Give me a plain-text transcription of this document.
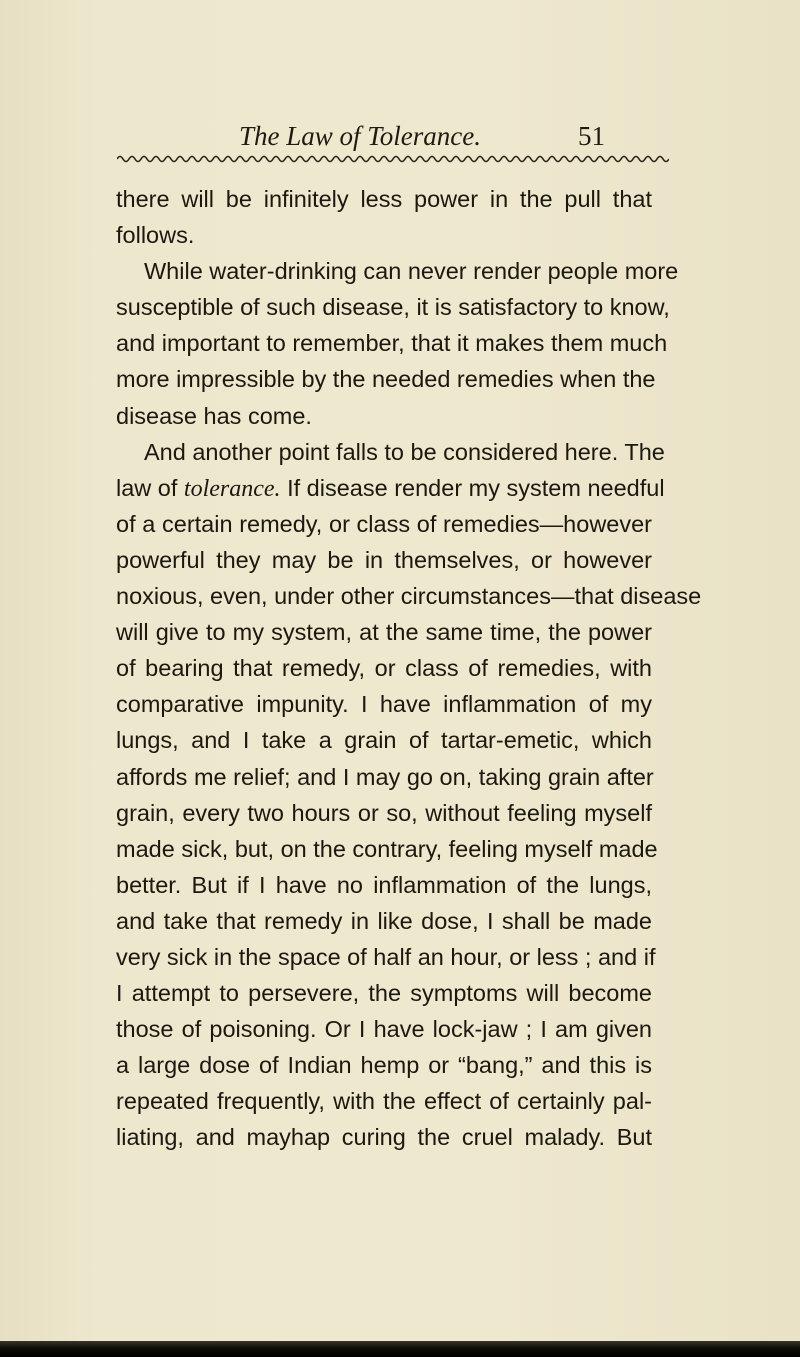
The Law of Tolerance.	51
there will be infinitely less power in the pull that
follows.
While water-drinking can never render people more
susceptible of such disease, it is satisfactory to know,
and important to remember, that it makes them much
more impressible by the needed remedies when the
disease has come.
And another point falls to be considered here. The
law of tolerance. If disease render my system needful
of a certain remedy, or class of remedies—however
powerful they may be in themselves, or however
noxious, even, under other circumstances—that disease
will give to my system, at the same time, the power
of bearing that remedy, or class of remedies, with
comparative impunity. I have inflammation of my
lungs, and I take a grain of tartar-emetic, which
affords me relief; and I may go on, taking grain after
grain, every two hours or so, without feeling myself
made sick, but, on the contrary, feeling myself made
better. But if I have no inflammation of the lungs,
and take that remedy in like dose, I shall be made
very sick in the space of half an hour, or less ; and if
I attempt to persevere, the symptoms will become
those of poisoning. Or I have lock-jaw ; I am given
a large dose of Indian hemp or “bang,” and this is
repeated frequently, with the effect of certainly pal-
liating, and mayhap curing the cruel malady. But
